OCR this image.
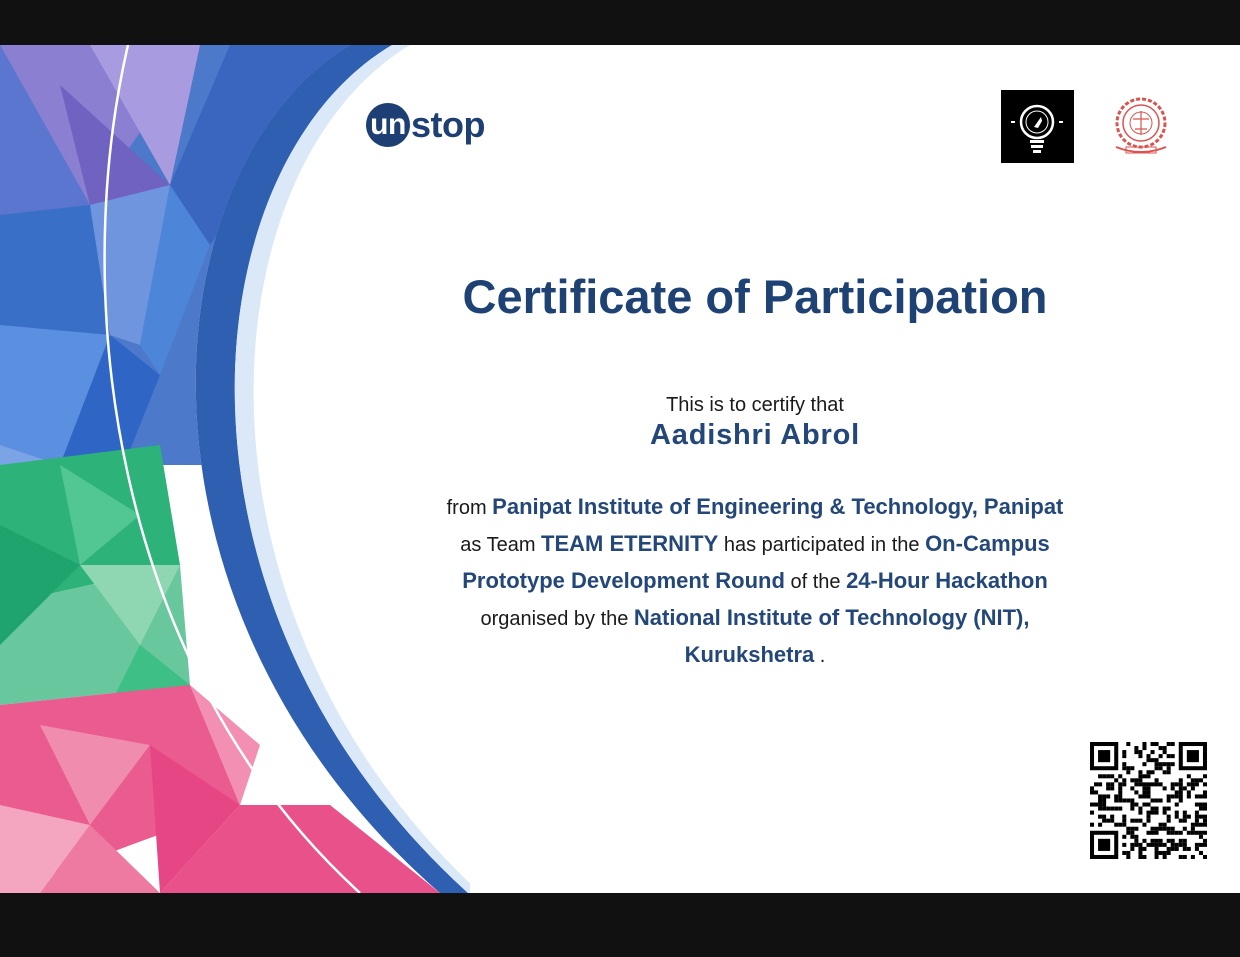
un stop
Certificate of Participation
This is to certify that
Aadishri Abrol
from Panipat Institute of Engineering & Technology, Panipat as Team TEAM ETERNITY has participated in the On-Campus Prototype Development Round of the 24-Hour Hackathon organised by the National Institute of Technology (NIT), Kurukshetra .
